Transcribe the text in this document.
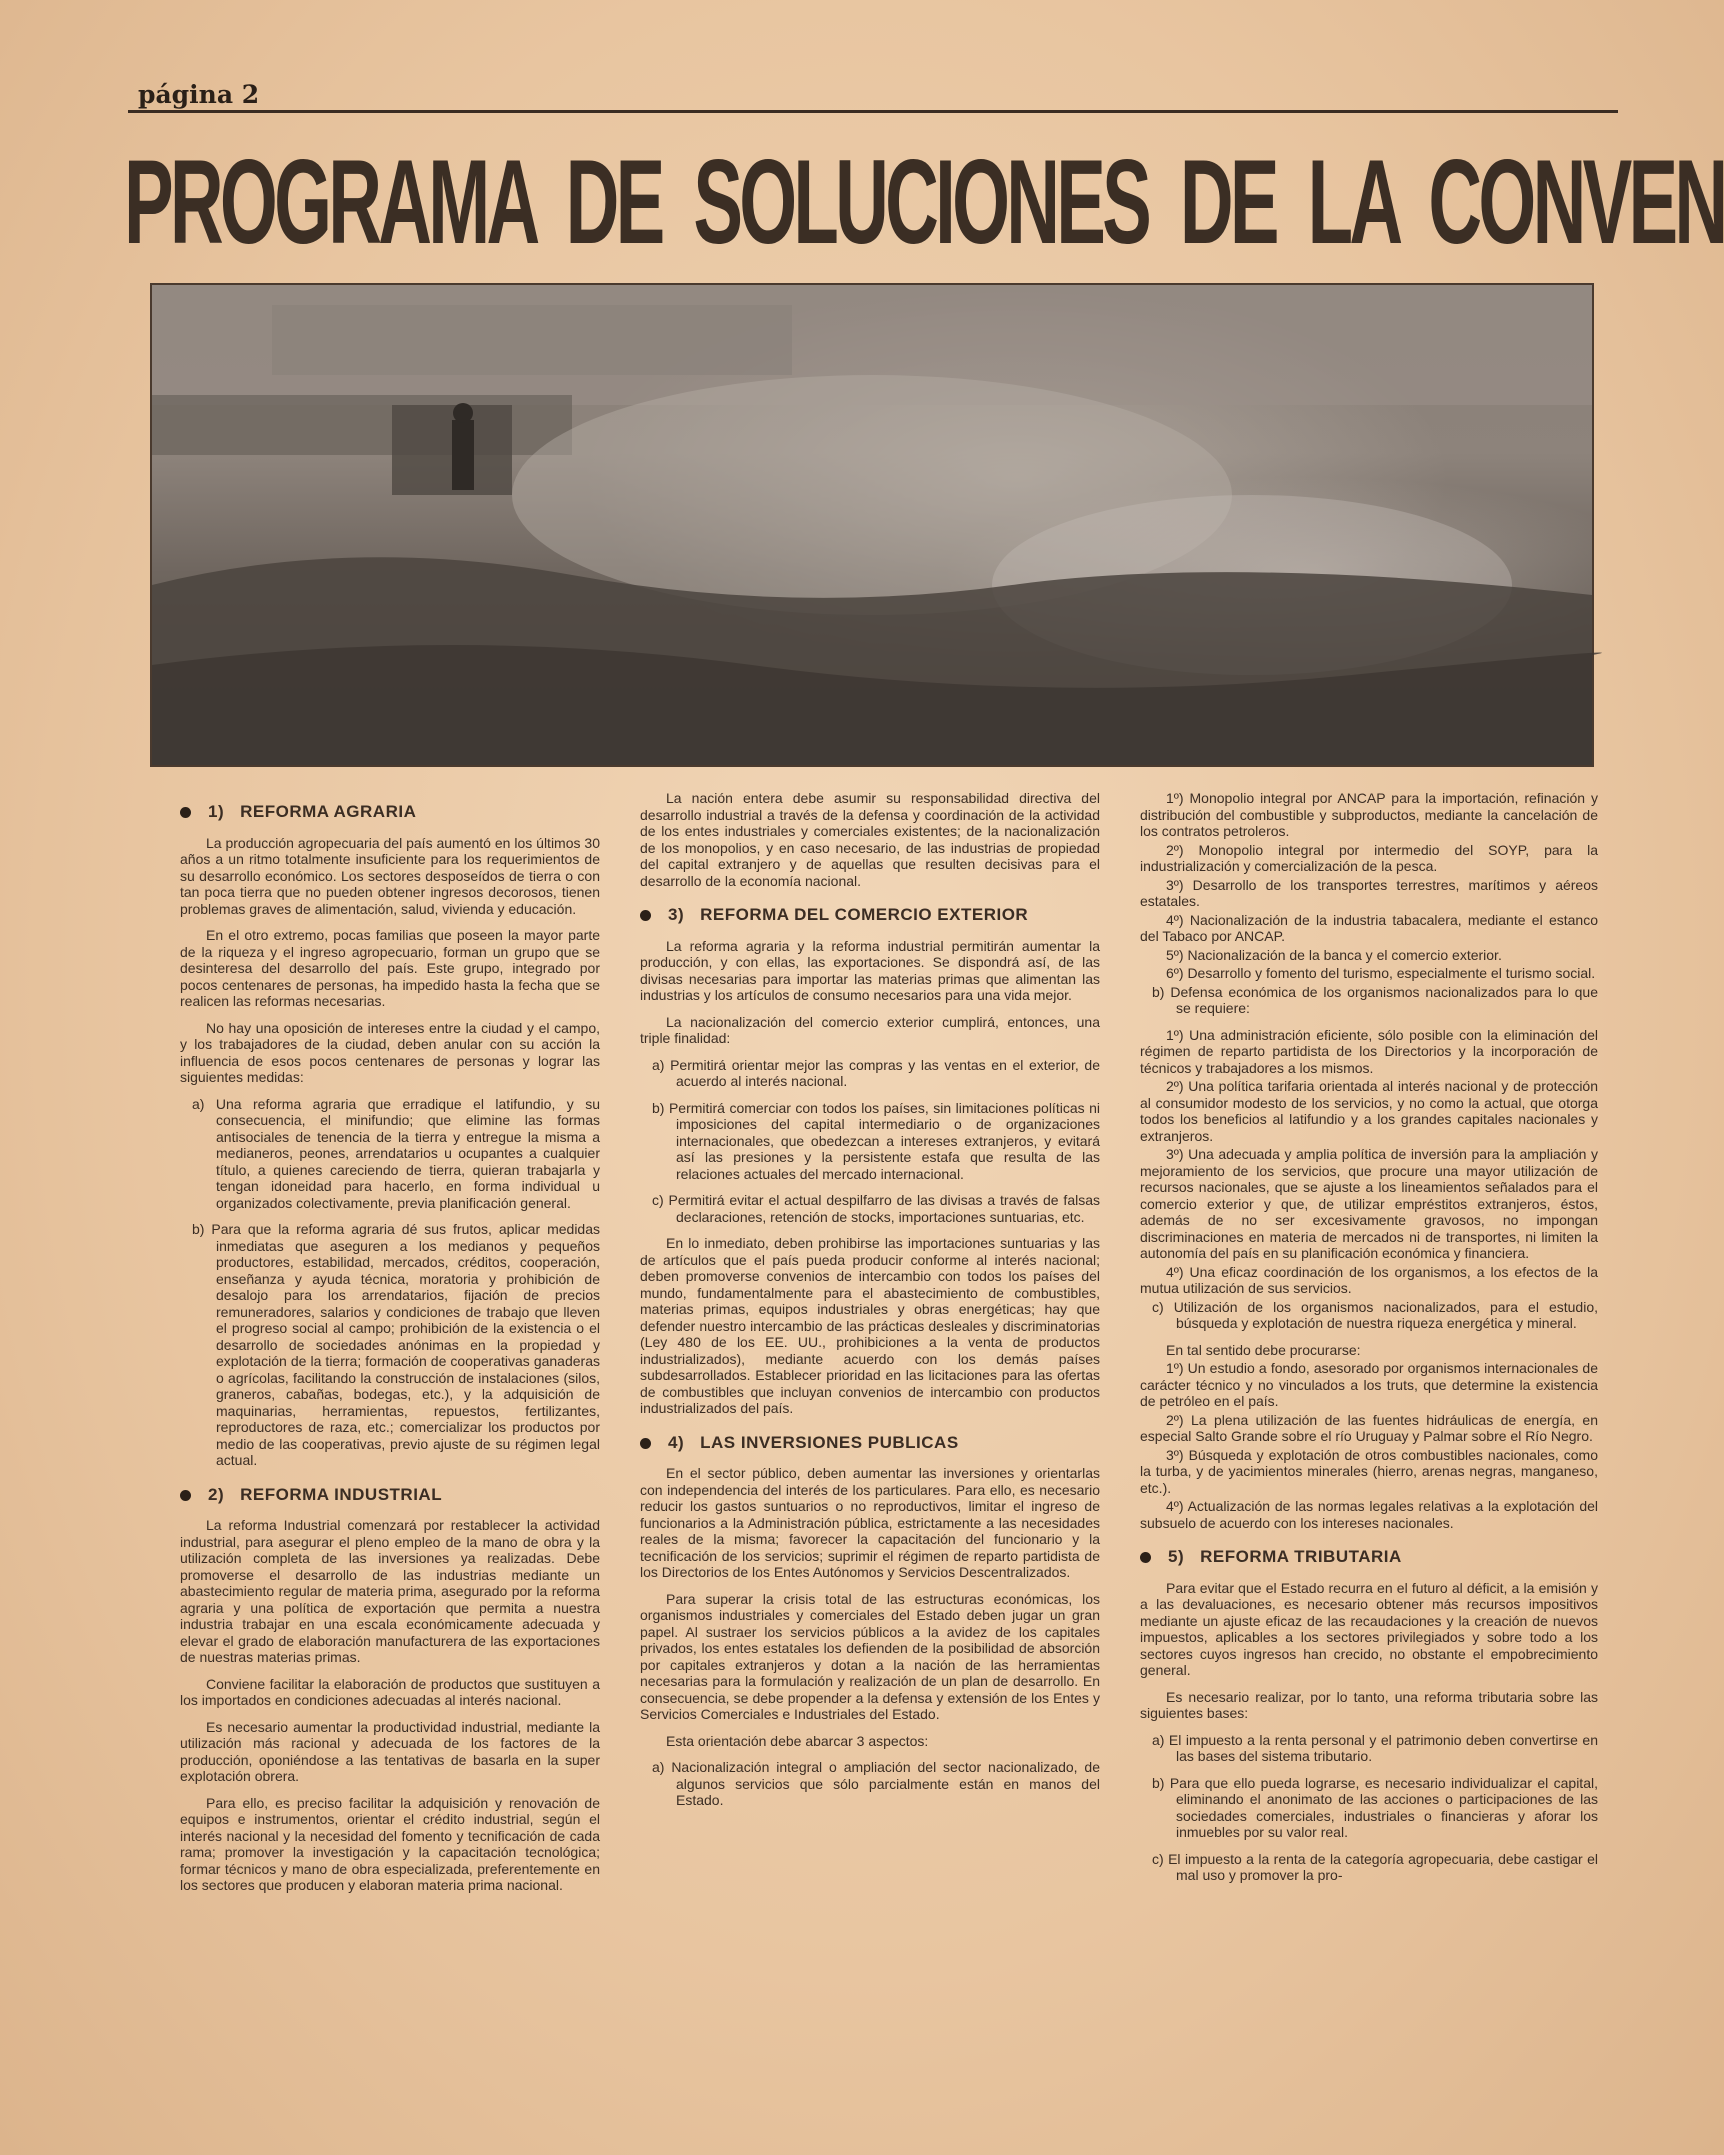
página 2
PROGRAMA DE SOLUCIONES DE LA CONVEN
1) REFORMA AGRARIA

La producción agropecuaria del país aumentó en los últimos 30 años a un ritmo totalmente insuficiente para los requerimientos de su desarrollo económico. Los sectores desposeídos de tierra o con tan poca tierra que no pueden obtener ingresos decorosos, tienen problemas graves de alimentación, salud, vivienda y educación.

En el otro extremo, pocas familias que poseen la mayor parte de la riqueza y el ingreso agropecuario, forman un grupo que se desinteresa del desarrollo del país. Este grupo, integrado por pocos centenares de personas, ha impedido hasta la fecha que se realicen las reformas necesarias.

No hay una oposición de intereses entre la ciudad y el campo, y los trabajadores de la ciudad, deben anular con su acción la influencia de esos pocos centenares de personas y lograr las siguientes medidas:

a) Una reforma agraria que erradique el latifundio, y su consecuencia, el minifundio; que elimine las formas antisociales de tenencia de la tierra y entregue la misma a medianeros, peones, arrendatarios u ocupantes a cualquier título, a quienes careciendo de tierra, quieran trabajarla y tengan idoneidad para hacerlo, en forma individual u organizados colectivamente, previa planificación general.
b) Para que la reforma agraria dé sus frutos, aplicar medidas inmediatas que aseguren a los medianos y pequeños productores, estabilidad, mercados, créditos, cooperación, enseñanza y ayuda técnica, moratoria y prohibición de desalojo para los arrendatarios, fijación de precios remuneradores, salarios y condiciones de trabajo que lleven el progreso social al campo; prohibición de la existencia o el desarrollo de sociedades anónimas en la propiedad y explotación de la tierra; formación de cooperativas ganaderas o agrícolas, facilitando la construcción de instalaciones (silos, graneros, cabañas, bodegas, etc.), y la adquisición de maquinarias, herramientas, repuestos, fertilizantes, reproductores de raza, etc.; comercializar los productos por medio de las cooperativas, previo ajuste de su régimen legal actual.
2) REFORMA INDUSTRIAL

La reforma Industrial comenzará por restablecer la actividad industrial, para asegurar el pleno empleo de la mano de obra y la utilización completa de las inversiones ya realizadas. Debe promoverse el desarrollo de las industrias mediante un abastecimiento regular de materia prima, asegurado por la reforma agraria y una política de exportación que permita a nuestra industria trabajar en una escala económicamente adecuada y elevar el grado de elaboración manufacturera de las exportaciones de nuestras materias primas.

Conviene facilitar la elaboración de productos que sustituyen a los importados en condiciones adecuadas al interés nacional.

Es necesario aumentar la productividad industrial, mediante la utilización más racional y adecuada de los factores de la producción, oponiéndose a las tentativas de basarla en la super explotación obrera.

Para ello, es preciso facilitar la adquisición y renovación de equipos e instrumentos, orientar el crédito industrial, según el interés nacional y la necesidad del fomento y tecnificación de cada rama; promover la investigación y la capacitación tecnológica; formar técnicos y mano de obra especializada, preferentemente en los sectores que producen y elaboran materia prima nacional.

La nación entera debe asumir su responsabilidad directiva del desarrollo industrial a través de la defensa y coordinación de la actividad de los entes industriales y comerciales existentes; de la nacionalización de los monopolios, y en caso necesario, de las industrias de propiedad del capital extranjero y de aquellas que resulten decisivas para el desarrollo de la economía nacional.

3) REFORMA DEL COMERCIO EXTERIOR

La reforma agraria y la reforma industrial permitirán aumentar la producción, y con ellas, las exportaciones. Se dispondrá así, de las divisas necesarias para importar las materias primas que alimentan las industrias y los artículos de consumo necesarios para una vida mejor.

La nacionalización del comercio exterior cumplirá, entonces, una triple finalidad:

a) Permitirá orientar mejor las compras y las ventas en el exterior, de acuerdo al interés nacional.
b) Permitirá comerciar con todos los países, sin limitaciones políticas ni imposiciones del capital intermediario o de organizaciones internacionales, que obedezcan a intereses extranjeros, y evitará así las presiones y la persistente estafa que resulta de las relaciones actuales del mercado internacional.
c) Permitirá evitar el actual despilfarro de las divisas a través de falsas declaraciones, retención de stocks, importaciones suntuarias, etc.

En lo inmediato, deben prohibirse las importaciones suntuarias y las de artículos que el país pueda producir conforme al interés nacional; deben promoverse convenios de intercambio con todos los países del mundo, fundamentalmente para el abastecimiento de combustibles, materias primas, equipos industriales y obras energéticas; hay que defender nuestro intercambio de las prácticas desleales y discriminatorias (Ley 480 de los EE. UU., prohibiciones a la venta de productos industrializados), mediante acuerdo con los demás países subdesarrollados. Establecer prioridad en las licitaciones para las ofertas de combustibles que incluyan convenios de intercambio con productos industrializados del país.

4) LAS INVERSIONES PUBLICAS

En el sector público, deben aumentar las inversiones y orientarlas con independencia del interés de los particulares. Para ello, es necesario reducir los gastos suntuarios o no reproductivos, limitar el ingreso de funcionarios a la Administración pública, estrictamente a las necesidades reales de la misma; favorecer la capacitación del funcionario y la tecnificación de los servicios; suprimir el régimen de reparto partidista de los Directorios de los Entes Autónomos y Servicios Descentralizados.

Para superar la crisis total de las estructuras económicas, los organismos industriales y comerciales del Estado deben jugar un gran papel. Al sustraer los servicios públicos a la avidez de los capitales privados, los entes estatales los defienden de la posibilidad de absorción por capitales extranjeros y dotan a la nación de las herramientas necesarias para la formulación y realización de un plan de desarrollo. En consecuencia, se debe propender a la defensa y extensión de los Entes y Servicios Comerciales e Industriales del Estado.

Esta orientación debe abarcar 3 aspectos:

a) Nacionalización integral o ampliación del sector nacionalizado, de algunos servicios que sólo parcialmente están en manos del Estado.
1º) Monopolio integral por ANCAP para la importación, refinación y distribución del combustible y subproductos, mediante la cancelación de los contratos petroleros.
2º) Monopolio integral por intermedio del SOYP, para la industrialización y comercialización de la pesca.
3º) Desarrollo de los transportes terrestres, marítimos y aéreos estatales.
4º) Nacionalización de la industria tabacalera, mediante el estanco del Tabaco por ANCAP.
5º) Nacionalización de la banca y el comercio exterior.
6º) Desarrollo y fomento del turismo, especialmente el turismo social.
b) Defensa económica de los organismos nacionalizados para lo que se requiere:
1º) Una administración eficiente, sólo posible con la eliminación del régimen de reparto partidista de los Directorios y la incorporación de técnicos y trabajadores a los mismos.
2º) Una política tarifaria orientada al interés nacional y de protección al consumidor modesto de los servicios, y no como la actual, que otorga todos los beneficios al latifundio y a los grandes capitales nacionales y extranjeros.
3º) Una adecuada y amplia política de inversión para la ampliación y mejoramiento de los servicios, que procure una mayor utilización de recursos nacionales, que se ajuste a los lineamientos señalados para el comercio exterior y que, de utilizar empréstitos extranjeros, éstos, además de no ser excesivamente gravosos, no impongan discriminaciones en materia de mercados ni de transportes, ni limiten la autonomía del país en su planificación económica y financiera.
4º) Una eficaz coordinación de los organismos, a los efectos de la mutua utilización de sus servicios.
c) Utilización de los organismos nacionalizados, para el estudio, búsqueda y explotación de nuestra riqueza energética y mineral.
En tal sentido debe procurarse:
1º) Un estudio a fondo, asesorado por organismos internacionales de carácter técnico y no vinculados a los truts, que determine la existencia de petróleo en el país.
2º) La plena utilización de las fuentes hidráulicas de energía, en especial Salto Grande sobre el río Uruguay y Palmar sobre el Río Negro.
3º) Búsqueda y explotación de otros combustibles nacionales, como la turba, y de yacimientos minerales (hierro, arenas negras, manganeso, etc.).
4º) Actualización de las normas legales relativas a la explotación del subsuelo de acuerdo con los intereses nacionales.
5) REFORMA TRIBUTARIA

Para evitar que el Estado recurra en el futuro al déficit, a la emisión y a las devaluaciones, es necesario obtener más recursos impositivos mediante un ajuste eficaz de las recaudaciones y la creación de nuevos impuestos, aplicables a los sectores privilegiados y sobre todo a los sectores cuyos ingresos han crecido, no obstante el empobrecimiento general.

Es necesario realizar, por lo tanto, una reforma tributaria sobre las siguientes bases:

a) El impuesto a la renta personal y el patrimonio deben convertirse en las bases del sistema tributario.
b) Para que ello pueda lograrse, es necesario individualizar el capital, eliminando el anonimato de las acciones o participaciones de las sociedades comerciales, industriales o financieras y aforar los inmuebles por su valor real.
c) El impuesto a la renta de la categoría agropecuaria, debe castigar el mal uso y promover la pro-
